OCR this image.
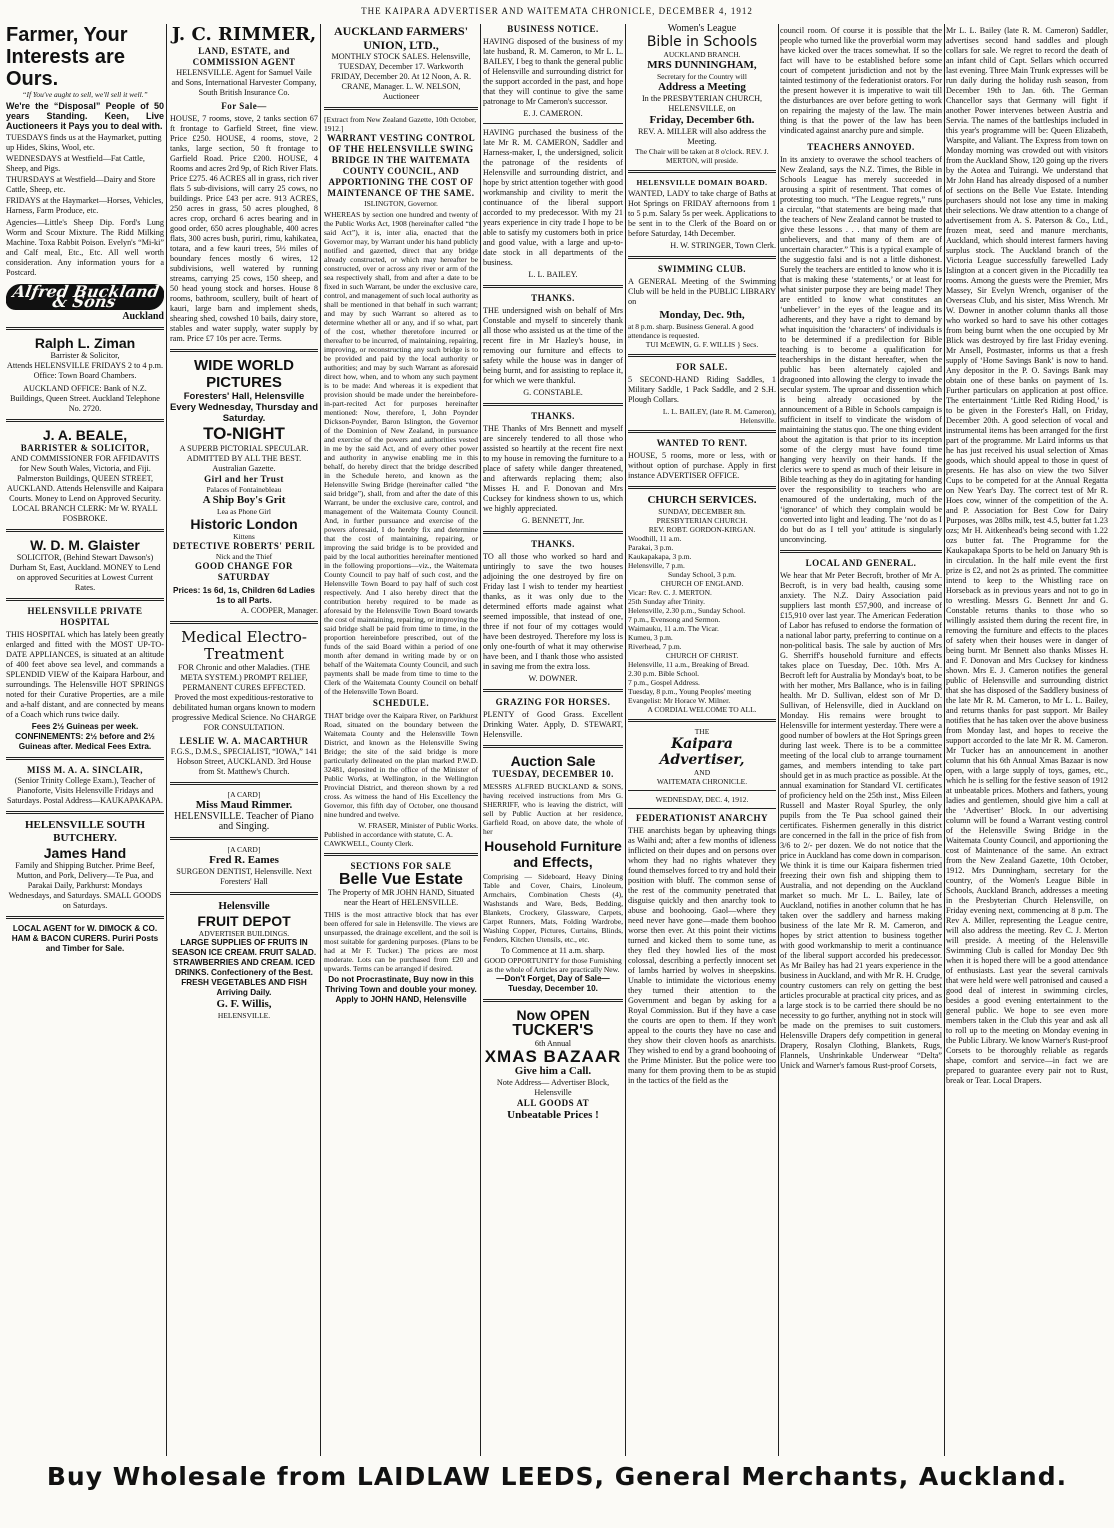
THE KAIPARA ADVERTISER AND WAITEMATA CHRONICLE, DECEMBER 4, 1912
Farmer, Your Interests are Ours.
“If You've aught to sell, we'll sell it well.”
We're the “Disposal” People of 50 years Standing. Keen, Live Auctioneers it Pays you to deal with.
TUESDAYS finds us at the Haymarket, putting up Hides, Skins, Wool, etc.
WEDNESDAYS at Westfield—Fat Cattle, Sheep, and Pigs.
THURSDAYS at Westfield—Dairy and Store Cattle, Sheep, etc.
FRIDAYS at the Haymarket—Horses, Vehicles, Harness, Farm Produce, etc.
Agencies—Little's Sheep Dip. Ford's Lung Worm and Scour Mixture. The Ridd Milking Machine. Toxa Rabbit Poison. Evelyn's “Mi-ki” and Calf meal, Etc., Etc. All well worth consideration. Any information yours for a Postcard.
Alfred Buckland & Sons
Auckland
Ralph L. Ziman
Barrister & Solicitor,
Attends HELENSVILLE FRIDAYS 2 to 4 p.m. Office: Town Board Chambers.
AUCKLAND OFFICE: Bank of N.Z. Buildings, Queen Street. Auckland Telephone No. 2720.
J. A. BEALE,
BARRISTER & SOLICITOR,
AND COMMISSIONER FOR AFFIDAVITS for New South Wales, Victoria, and Fiji. Palmerston Buildings, QUEEN STREET, AUCKLAND. Attends Helensville and Kaipara Courts. Money to Lend on Approved Security. LOCAL BRANCH CLERK: Mr W. RYALL FOSBROKE.
W. D. M. Glaister
SOLICITOR, (Behind Stewart Dawson's) Durham St, East, Auckland. MONEY to Lend on approved Securities at Lowest Current Rates.
HELENSVILLE PRIVATE HOSPITAL
THIS HOSPITAL which has lately been greatly enlarged and fitted with the MOST UP-TO-DATE APPLIANCES, is situated at an altitude of 400 feet above sea level, and commands a SPLENDID VIEW of the Kaipara Harbour, and surroundings. The Helensville HOT SPRINGS noted for their Curative Properties, are a mile and a-half distant, and are connected by means of a Coach which runs twice daily.
Fees 2½ Guineas per week. CONFINEMENTS: 2½ before and 2½ Guineas after. Medical Fees Extra.
MISS M. A. A. SINCLAIR,
(Senior Trinity College Exam.), Teacher of Pianoforte, Visits Helensville Fridays and Saturdays. Postal Address—KAUKAPAKAPA.
HELENSVILLE SOUTH BUTCHERY.
James Hand
Family and Shipping Butcher. Prime Beef, Mutton, and Pork, Delivery—Te Pua, and Parakai Daily, Parkhurst: Mondays Wednesdays, and Saturdays. SMALL GOODS on Saturdays.
LOCAL AGENT for W. DIMOCK & CO. HAM & BACON CURERS. Puriri Posts and Timber for Sale.
J. C. RIMMER,
LAND, ESTATE, and COMMISSION AGENT
HELENSVILLE. Agent for Samuel Vaile and Sons, International Harvester Company, South British Insurance Co.
For Sale—
HOUSE, 7 rooms, stove, 2 tanks section 67 ft frontage to Garfield Street, fine view. Price £250. HOUSE, 4 rooms, stove, 2 tanks, large section, 50 ft frontage to Garfield Road. Price £200. HOUSE, 4 Rooms and acres 2rd 9p, of Rich River Flats. Price £275. 46 ACRES all in grass, rich river flats 5 sub-divisions, will carry 25 cows, no buildings. Price £43 per acre. 913 ACRES, 250 acres in grass, 50 acres ploughed, 8 acres crop, orchard 6 acres bearing and in good order, 650 acres ploughable, 400 acres flats, 300 acres bush, puriri, rimu, kahikatea, totara, and a few kauri trees, 5½ miles of boundary fences mostly 6 wires, 12 subdivisions, well watered by running streams, carrying 25 cows, 150 sheep, and 50 head young stock and horses. House 8 rooms, bathroom, scullery, built of heart of kauri, large barn and implement sheds, shearing shed, cowshed 10 bails, dairy store, stables and water supply, water supply by ram. Price £7 10s per acre. Terms.
WIDE WORLD PICTURES
Foresters' Hall, Helensville Every Wednesday, Thursday and Saturday.
TO-NIGHT
A SUPERB PICTORIAL SPECULAR. ADMITTED BY ALL THE BEST. Australian Gazette.
Girl and her Trust
Palaces of Fontainebleau
A Ship Boy's Grit
Lea as Phone Girl
Historic London
Kittens
DETECTIVE ROBERTS' PERIL
Nick and the Thief
GOOD CHANGE FOR SATURDAY
Prices: 1s 6d, 1s, Children 6d Ladies 1s to all Parts.
A. COOPER, Manager.
Medical Electro-Treatment
FOR Chronic and other Maladies. (THE META SYSTEM.) PROMPT RELIEF, PERMANENT CURES EFFECTED. Proved the most expeditious-restorative to debilitated human organs known to modern progressive Medical Science. No CHARGE FOR CONSULTATION.
LESLIE W. A. MACARTHUR
F.G.S., D.M.S., SPECIALIST, “IOWA,” 141 Hobson Street, AUCKLAND. 3rd House from St. Matthew's Church.
[A CARD]
Miss Maud Rimmer.
HELENSVILLE. Teacher of Piano and Singing.
[A CARD]
Fred R. Eames
SURGEON DENTIST, Helensville. Next Foresters' Hall
Helensville
FRUIT DEPOT
ADVERTISER BUILDINGS.
LARGE SUPPLIES OF FRUITS IN SEASON ICE CREAM. FRUIT SALAD. STRAWBERRIES AND CREAM. ICED DRINKS. Confectionery of the Best. FRESH VEGETABLES AND FISH Arriving Daily.
G. F. Willis,
HELENSVILLE.
AUCKLAND FARMERS' UNION, LTD.,
MONTHLY STOCK SALES. Helensville, TUESDAY, December 17. Warkworth FRIDAY, December 20. At 12 Noon, A. R. CRANE, Manager. L. W. NELSON, Auctioneer
[Extract from New Zealand Gazette, 10th October, 1912.]
WARRANT VESTING CONTROL OF THE HELENSVILLE SWING BRIDGE IN THE WAITEMATA COUNTY COUNCIL, AND APPORTIONING THE COST OF MAINTENANCE OF THE SAME.
ISLINGTON, Governor.
WHEREAS by section one hundred and twenty of the Public Works Act, 1908 (hereinafter called “the said Act”), it is, inter alia, enacted that the Governor may, by Warrant under his hand publicly notified and gazetted, direct that any bridge already constructed, or which may hereafter be constructed, over or across any river or arm of the sea respectively shall, from and after a date to be fixed in such Warrant, be under the exclusive care, control, and management of such local authority as shall be mentioned in that behalf in such warrant; and may by such Warrant so altered as to determine whether all or any, and if so what, part of the cost, whether theretofore incurred or thereafter to be incurred, of maintaining, repairing, improving, or reconstructing any such bridge is to be provided and paid by the local authority or authorities; and may by such Warrant as aforesaid direct how, when, and to whom any such payment is to be made: And whereas it is expedient that provision should be made under the hereinbefore-in-part-recited Act for purposes hereinafter mentioned: Now, therefore, I, John Poynder Dickson-Poynder, Baron Islington, the Governor of the Dominion of New Zealand, in pursuance and exercise of the powers and authorities vested in me by the said Act, and of every other power and authority in anywise enabling me in this behalf, do hereby direct that the bridge described in the Schedule hereto, and known as the Helensville Swing Bridge (hereinafter called “the said bridge”), shall, from and after the date of this Warrant, be under the exclusive care, control, and management of the Waitemata County Council. And, in further pursuance and exercise of the powers aforesaid, I do hereby fix and determine that the cost of maintaining, repairing, or improving the said bridge is to be provided and paid by the local authorities hereinafter mentioned in the following proportions—viz., the Waitemata County Council to pay half of such cost, and the Helensville Town Board to pay half of such cost respectively. And I also hereby direct that the contribution hereby required to be made as aforesaid by the Helensville Town Board towards the cost of maintaining, repairing, or improving the said bridge shall be paid from time to time, in the proportion hereinbefore prescribed, out of the funds of the said Board within a period of one month after demand in writing made by or on behalf of the Waitemata County Council, and such payments shall be made from time to time to the Clerk of the Waitemata County Council on behalf of the Helensville Town Board.
SCHEDULE.
THAT bridge over the Kaipara River, on Parkhurst Road, situated on the boundary between the Waitemata County and the Helensville Town District, and known as the Helensville Swing Bridge; the site of the said bridge is more particularly delineated on the plan marked P.W.D. 32481, deposited in the office of the Minister of Public Works, at Wellington, in the Wellington Provincial District, and thereon shown by a red cross. As witness the hand of His Excellency the Governor, this fifth day of October, one thousand nine hundred and twelve.
W. FRASER, Minister of Public Works.
Published in accordance with statute, C. A. CAWKWELL, County Clerk.
SECTIONS FOR SALE
Belle Vue Estate
The Property of MR JOHN HAND, Situated near the Heart of HELENSVILLE.
THIS is the most attractive block that has ever been offered for sale in Helensville. The views are unsurpassed, the drainage excellent, and the soil is most suitable for gardening purposes. (Plans to be had at Mr F. Tucker.) The prices are most moderate. Lots can be purchased from £20 and upwards. Terms can be arranged if desired.
Do not Procrastinate, Buy now in this Thriving Town and double your money. Apply to JOHN HAND, Helensville
BUSINESS NOTICE.
HAVING disposed of the business of my late husband, R. M. Cameron, to Mr L. L. BAILEY, I beg to thank the general public of Helensville and surrounding district for the support accorded in the past, and hope that they will continue to give the same patronage to Mr Cameron's successor.
E. J. CAMERON.
HAVING purchased the business of the late Mr R. M. CAMERON, Saddler and Harness-maker, I, the undersigned, solicit the patronage of the residents of Helensville and surrounding district, and hope by strict attention together with good workmanship and civility to merit the continuance of the liberal support accorded to my predecessor. With my 21 years experience in city trade I hope to be able to satisfy my customers both in price and good value, with a large and up-to-date stock in all departments of the business.
L. L. BAILEY.
THANKS.
THE undersigned wish on behalf of Mrs Constable and myself to sincerely thank all those who assisted us at the time of the recent fire in Mr Hazley's house, in removing our furniture and effects to safety while the house was in danger of being burnt, and for assisting to replace it, for which we were thankful.
G. CONSTABLE.
THANKS.
THE Thanks of Mrs Bennett and myself are sincerely tendered to all those who assisted so heartily at the recent fire next to my house in removing the furniture to a place of safety while danger threatened, and afterwards replacing them; also Misses H. and F. Donovan and Mrs Cucksey for kindness shown to us, which we highly appreciated.
G. BENNETT, Jnr.
THANKS.
TO all those who worked so hard and untiringly to save the two houses adjoining the one destroyed by fire on Friday last I wish to tender my heartiest thanks, as it was only due to the determined efforts made against what seemed impossible, that instead of one, three if not four of my cottages would have been destroyed. Therefore my loss is only one-fourth of what it may otherwise have been, and I thank those who assisted in saving me from the extra loss.
W. DOWNER.
GRAZING FOR HORSES.
PLENTY of Good Grass. Excellent Drinking Water. Apply, D. STEWART, Helensville.
Auction Sale
TUESDAY, DECEMBER 10.
MESSRS ALFRED BUCKLAND & SONS, having received instructions from Mrs G. SHERRIFF, who is leaving the district, will sell by Public Auction at her residence, Garfield Road, on above date, the whole of her
Household Furniture and Effects,
Comprising — Sideboard, Heavy Dining Table and Cover, Chairs, Linoleum, Armchairs, Combination Chests (4), Washstands and Ware, Beds, Bedding, Blankets, Crockery, Glassware, Carpets, Carpet Runners, Mats, Folding Wardrobe, Washing Copper, Pictures, Curtains, Blinds, Fenders, Kitchen Utensils, etc., etc.
To Commence at 11 a.m. sharp.
GOOD OPPORTUNITY for those Furnishing as the whole of Articles are practically New.
—Don't Forget, Day of Sale— Tuesday, December 10.
Now OPEN
TUCKER'S
6th Annual
XMAS BAZAAR
Give him a Call.
Note Address— Advertiser Block, Helensville
ALL GOODS AT
Unbeatable Prices !
Women's League
Bible in Schools
AUCKLAND BRANCH.
MRS DUNNINGHAM,
Secretary for the Country will
Address a Meeting
In the PRESBYTERIAN CHURCH, HELENSVILLE, on
Friday, December 6th.
REV. A. MILLER will also address the Meeting.
The Chair will be taken at 8 o'clock. REV. J. MERTON, will preside.
HELENSVILLE DOMAIN BOARD.
WANTED, LADY to take charge of Baths at Hot Springs on FRIDAY afternoons from 1 to 5 p.m. Salary 5s per week. Applications to be sent in to the Clerk of the Board on or before Saturday, 14th December.
H. W. STRINGER, Town Clerk.
SWIMMING CLUB.
A GENERAL Meeting of the Swimming Club will be held in the PUBLIC LIBRARY on
Monday, Dec. 9th,
at 8 p.m. sharp. Business General. A good attendance is requested.
TUI McEWIN, G. F. WILLIS } Secs.
FOR SALE.
5 SECOND-HAND Riding Saddles, 1 Military Saddle, 1 Pack Saddle, and 2 S.H. Plough Collars.
L. L. BAILEY, (late R. M. Cameron), Helensville.
WANTED TO RENT.
HOUSE, 5 rooms, more or less, with or without option of purchase. Apply in first instance ADVERTISER OFFICE.
CHURCH SERVICES.
SUNDAY, DECEMBER 8th.
PRESBYTERIAN CHURCH.
REV. ROBT. GORDON-KIRGAN.
Woodhill, 11 a.m.
Parakai, 3 p.m.
Kaukapakapa, 3 p.m.
Helensville, 7 p.m.
Sunday School, 3 p.m.
CHURCH OF ENGLAND.
Vicar: Rev. C. J. MERTON.
25th Sunday after Trinity.
Helensville, 2.30 p.m., Sunday School.
7 p.m., Evensong and Sermon.
Waimauku, 11 a.m. The Vicar.
Kumeu, 3 p.m.
Riverhead, 7 p.m.
CHURCH OF CHRIST.
Helensville, 11 a.m., Breaking of Bread.
2.30 p.m. Bible School.
7 p.m., Gospel Address.
Tuesday, 8 p.m., Young Peoples' meeting
Evangelist: Mr Horace W. Milner.
A CORDIAL WELCOME TO ALL.
THE
Kaipara Advertiser,
AND
WAITEMATA CHRONICLE.
WEDNESDAY, DEC. 4, 1912.
FEDERATIONIST ANARCHY
THE anarchists began by upheaving things as Waihi and; after a few months of idleness inflicted on their dupes and on persons over whom they had no rights whatever they found themselves forced to try and hold their position with bluff. The common sense of the rest of the community penetrated that disguise quickly and then anarchy took to abuse and boohooing. Gaol—where they need never have gone—made them boohoo worse then ever. At this point their victims turned and kicked them to some tune, as they fled they howled lies of the most colossal, describing a perfectly innocent set of lambs harried by wolves in sheepskins. Unable to intimidate the victorious enemy they turned their attention to the Government and began by asking for a Royal Commission. But if they have a case the courts are open to them. If they won't appeal to the courts they have no case and they show their cloven hoofs as anarchists. They wished to end by a grand boohooing of the Prime Minister. But the police were too many for them proving them to be as stupid in the tactics of the field as the
council room. Of course it is possible that the people who turned like the proverbial worm may have kicked over the traces somewhat. If so the fact will have to be established before some court of competent jurisdiction and not by the tainted testimony of the federationist orators. For the present however it is imperative to wait till the disturbances are over before getting to work on repairing the majesty of the law. The main thing is that the power of the law has been vindicated against anarchy pure and simple.
TEACHERS ANNOYED.
In its anxiety to overawe the school teachers of New Zealand, says the N.Z. Times, the Bible in Schools League has merely succeeded in arousing a spirit of resentment. That comes of protesting too much. “The League regrets,” runs a circular, “that statements are being made that the teachers of New Zealand cannot be trusted to give these lessons . . . that many of them are unbelievers, and that many of them are of uncertain character.” This is a typical example of the suggestio falsi and is not a little dishonest. Surely the teachers are entitled to know who it is that is making these ‘statements,’ or at least for what sinister purpose they are being made! They are entitled to know what constitutes an ‘unbeliever’ in the eyes of the league and its adherents, and they have a right to demand by what inquisition the ‘characters’ of individuals is to be determined if a predilection for Bible teaching is to become a qualification for teacherships in the distant hereafter, when the public has been alternately cajoled and dragooned into allowing the clergy to invade the secular system. The uproar and dissention which is being already occasioned by the announcement of a Bible in Schools campaign is sufficient in itself to vindicate the wisdom of maintaining the status quo. The one thing evident about the agitation is that prior to its inception some of the clergy must have found time hanging very heavily on their hands. If the clerics were to spend as much of their leisure in Bible teaching as they do in agitating for handing over the responsibility to teachers who are enamoured of the undertaking, much of the ‘ignorance’ of which they complain would be converted into light and leading. The ‘not do as I do but do as I tell you’ attitude is singularly unconvincing.
LOCAL AND GENERAL.
We hear that Mr Peter Becroft, brother of Mr A. Becroft, is in very bad health, causing some anxiety. The N.Z. Dairy Association paid suppliers last month £57,900, and increase of £15,910 over last year. The American Federation of Labor has refused to endorse the formation of a national labor party, preferring to continue on a non-political basis. The sale by auction of Mrs G. Sherriff's household furniture and effects takes place on Tuesday, Dec. 10th. Mrs A. Becroft left for Australia by Monday's boat, to be with her mother, Mrs Ballance, who is in failing health. Mr D. Sullivan, eldest son of Mr D. Sullivan, of Helensville, died in Auckland on Monday. His remains were brought to Helensville for interment yesterday. There were a good number of bowlers at the Hot Springs green during last week. There is to be a committee meeting of the local club to arrange tournament games, and members intending to take part should get in as much practice as possible. At the annual examination for Standard VI. certificates of proficiency held on the 25th inst., Miss Eileen Russell and Master Royal Spurley, the only pupils from the Te Pua school gained their certificates. Fishermen generally in this district are concerned in the fall in the price of fish from 3/6 to 2/- per dozen. We do not notice that the price in Auckland has come down in comparison. We think it is time our Kaipara fishermen tried freezing their own fish and shipping them to Australia, and not depending on the Auckland market so much. Mr L. L. Bailey, late of Auckland, notifies in another column that he has taken over the saddlery and harness making business of the late Mr R. M. Cameron, and hopes by strict attention to business together with good workmanship to merit a continuance of the liberal support accorded his predecessor. As Mr Bailey has had 21 years experience in the business in Auckland, and with Mr R. H. Crudge, country customers can rely on getting the best articles procurable at practical city prices, and as a large stock is to be carried there should be no necessity to go further, anything not in stock will be made on the premises to suit customers. Helensville Drapers defy competition in general Drapery, Rosalyn Clothing, Blankets, Rugs, Flannels, Unshrinkable Underwear “Delta” Unick and Warner's famous Rust-proof Corsets,
Mr L. L. Bailey (late R. M. Cameron) Saddler, advertises second hand saddles and plough collars for sale. We regret to record the death of an infant child of Capt. Sellars which occurred last evening. Three Main Trunk expresses will be run daily during the holiday rush season, from December 19th to Jan. 6th. The German Chancellor says that Germany will fight if another Power intervenes between Austria and Servia. The names of the battleships included in this year's programme will be: Queen Elizabeth, Warspite, and Valiant. The Express from town on Monday morning was crowded out with visitors from the Auckland Show, 120 going up the rivers by the Aotea and Tuirangi. We understand that Mr John Hand has already disposed of a number of sections on the Belle Vue Estate. Intending purchasers should not lose any time in making their selections. We draw attention to a change of advertisement from A. S. Paterson & Co., Ltd., frozen meat, seed and manure merchants, Auckland, which should interest farmers having surplus stock. The Auckland branch of the Victoria League successfully farewelled Lady Islington at a concert given in the Piccadilly tea rooms. Among the guests were the Premier, Mrs Massey, Sir Evelyn Wrench, organiser of the Overseas Club, and his sister, Miss Wrench. Mr W. Downer in another column thanks all those who worked so hard to save his other cottages from being burnt when the one occupied by Mr Blick was destroyed by fire last Friday evening. Mr Ansell, Postmaster, informs us that a fresh supply of ‘Home Savings Bank’ is now to hand. Any depositor in the P. O. Savings Bank may obtain one of these banks on payment of 1s. Further particulars on application at post office. The entertainment ‘Little Red Riding Hood,’ is to be given in the Forester's Hall, on Friday, December 20th. A good selection of vocal and instrumental items has been arranged for the first part of the programme. Mr Laird informs us that he has just received his usual selection of Xmas goods, which should appeal to those in quest of presents. He has also on view the two Silver Cups to be competed for at the Annual Regatta on New Year's Day. The correct test of Mr R. Hoes cow, winner of the competition of the A. and P. Association for Best Cow for Dairy Purposes, was 28lbs milk, test 4.5, butter fat 1.23 ozs; Mr H. Aitkenhead's being second with 1.22 ozs butter fat. The Programme for the Kaukapakapa Sports to be held on January 9th is in circulation. In the half mile event the first prize is £2, and not 2s as printed. The committee intend to keep to the Whistling race on Horseback as in previous years and not to go in to wrestling. Messrs G. Bennett Jnr and G. Constable returns thanks to those who so willingly assisted them during the recent fire, in removing the furniture and effects to the places of safety when their houses were in danger of being burnt. Mr Bennett also thanks Misses H. and F. Donovan and Mrs Cucksey for kindness shown. Mrs E. J. Cameron notifies the general public of Helensville and surrounding district that she has disposed of the Saddlery business of the late Mr R. M. Cameron, to Mr L. L. Bailey, and returns thanks for past support. Mr Bailey notifies that he has taken over the above business from Monday last, and hopes to receive the support accorded to the late Mr R. M. Cameron. Mr Tucker has an announcement in another column that his 6th Annual Xmas Bazaar is now open, with a large supply of toys, games, etc., which he is selling for the festive season of 1912 at unbeatable prices. Mothers and fathers, young ladies and gentlemen, should give him a call at the ‘Advertiser’ Block. In our advertising column will be found a Warrant vesting control of the Helensville Swing Bridge in the Waitemata County Council, and apportioning the cost of Maintenance of the same. An extract from the New Zealand Gazette, 10th October, 1912. Mrs Dunningham, secretary for the country, of the Women's League Bible in Schools, Auckland Branch, addresses a meeting in the Presbyterian Church Helensville, on Friday evening next, commencing at 8 p.m. The Rev A. Miller, representing the League centre, will also address the meeting. Rev C. J. Merton will preside. A meeting of the Helensville Swimming Club is called for Monday Dec 9th when it is hoped there will be a good attendance of enthusiasts. Last year the several carnivals that were held were well patronised and caused a good deal of interest in swimming circles, besides a good evening entertainment to the general public. We hope to see even more members taken in the Club this year and ask all to roll up to the meeting on Monday evening in the Public Library. We know Warner's Rust-proof Corsets to be thoroughly reliable as regards shape, comfort and service—in fact we are prepared to guarantee every pair not to Rust, break or Tear. Local Drapers.
Buy Wholesale from LAIDLAW LEEDS, General Merchants, Auckland.
